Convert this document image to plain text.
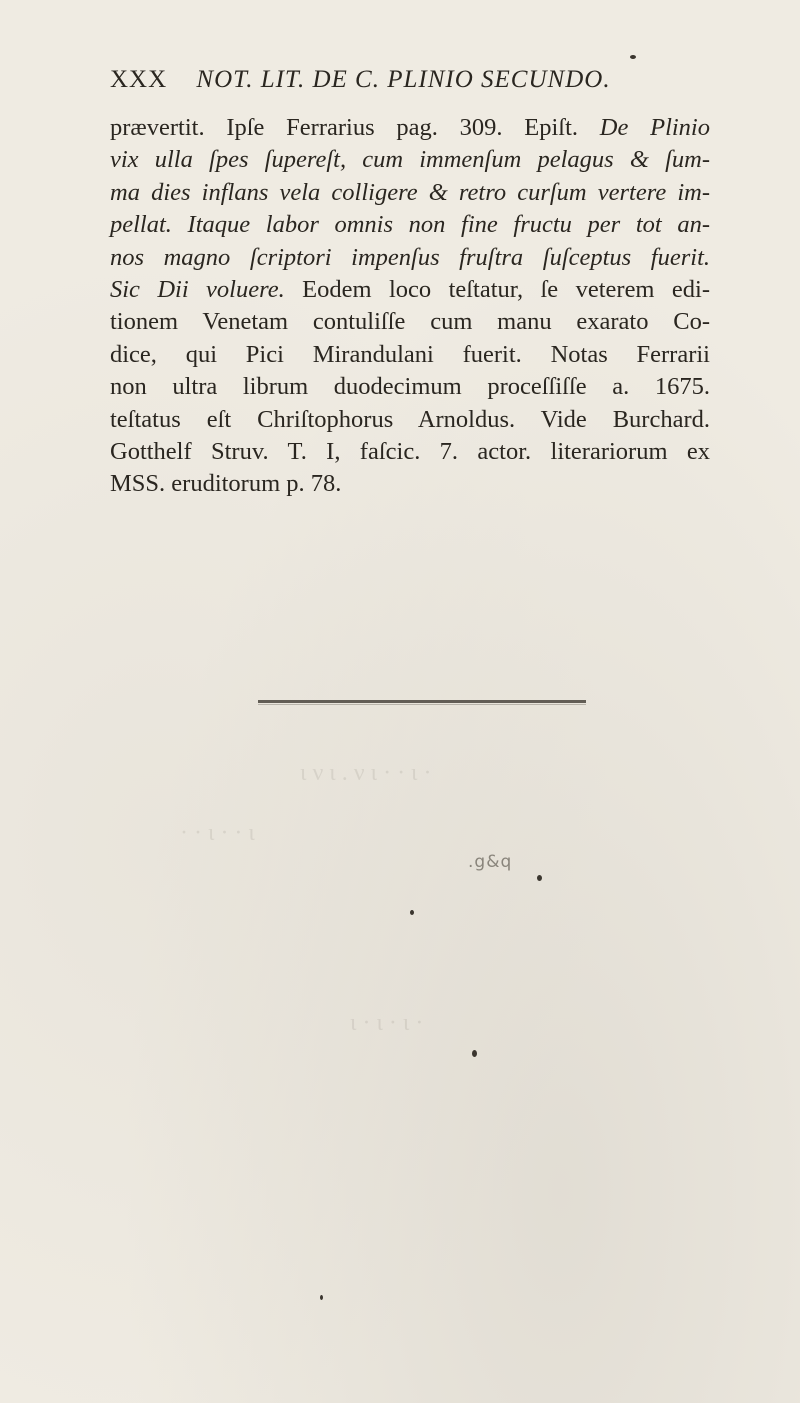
ι ν ι . ν ι · · ι ·
· · ι · · ι
ι · ι · ι ·
XXX NOT. LIT. DE C. PLINIO SECUNDO.
prævertit. Ipſe Ferrarius pag. 309. Epiſt. De Plinio
vix ulla ſpes ſupereſt, cum immenſum pelagus & ſum-
ma dies inflans vela colligere & retro curſum vertere im-
pellat. Itaque labor omnis non fine fructu per tot an-
nos magno ſcriptori impenſus fruſtra ſuſceptus fuerit.
Sic Dii voluere. Eodem loco teſtatur, ſe veterem edi-
tionem Venetam contuliſſe cum manu exarato Co-
dice, qui Pici Mirandulani fuerit. Notas Ferrarii
non ultra librum duodecimum proceſſiſſe a. 1675.
teſtatus eſt Chriſtophorus Arnoldus. Vide Burchard.
Gotthelf Struv. T. I, faſcic. 7. actor. literariorum ex
MSS. eruditorum p. 78.
.g&q
